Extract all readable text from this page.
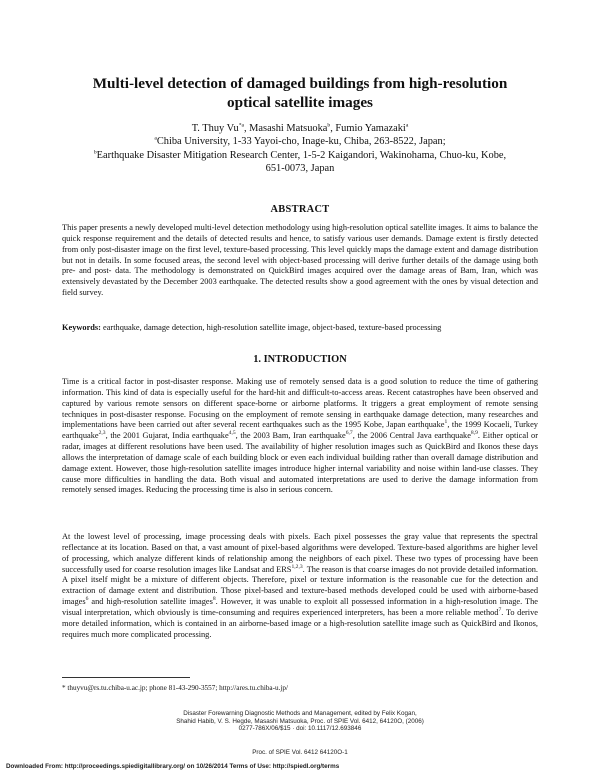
Multi-level detection of damaged buildings from high-resolution
optical satellite images
T. Thuy Vu$^{*a}$, Masashi Matsuoka$^b$, Fumio Yamazaki$^a$
$^a$Chiba University, 1-33 Yayoi-cho, Inage-ku, Chiba, 263-8522, Japan;
$^b$Earthquake Disaster Mitigation Research Center, 1-5-2 Kaigandori, Wakinohama, Chuo-ku, Kobe,
651-0073, Japan
ABSTRACT

This paper presents a newly developed multi-level detection methodology using high-resolution optical satellite images. It aims to balance the quick response requirement and the details of detected results and hence, to satisfy various user demands. Damage extent is firstly detected from only post-disaster image on the first level, texture-based processing. This level quickly maps the damage extent and damage distribution but not in details. In some focused areas, the second level with object-based processing will derive further details of the damage using both pre- and post- data. The methodology is demonstrated on QuickBird images acquired over the damage areas of Bam, Iran, which was extensively devastated by the December 2003 earthquake. The detected results show a good agreement with the ones by visual detection and field survey.

Keywords: earthquake, damage detection, high-resolution satellite image, object-based, texture-based processing
1. INTRODUCTION

Time is a critical factor in post-disaster response. Making use of remotely sensed data is a good solution to reduce the time of gathering information. This kind of data is especially useful for the hard-hit and difficult-to-access areas. Recent catastrophes have been observed and captured by various remote sensors on different space-borne or airborne platforms. It triggers a great employment of remote sensing techniques in post-disaster response. Focusing on the employment of remote sensing in earthquake damage detection, many researches and implementations have been carried out after several recent earthquakes such as the 1995 Kobe, Japan earthquake$^1$, the 1999 Kocaeli, Turkey earthquake$^{2,3}$, the 2001 Gujarat, India earthquake$^{4,5}$, the 2003 Bam, Iran earthquake$^{6,7}$, the 2006 Central Java earthquake$^{8,9}$. Either optical or radar, images at different resolutions have been used. The availability of higher resolution images such as QuickBird and Ikonos these days allows the interpretation of damage scale of each building block or even each individual building rather than overall damage distribution and damage extent. However, those high-resolution satellite images introduce higher internal variability and noise within land-use classes. They cause more difficulties in handling the data. Both visual and automated interpretations are used to derive the damage information from remotely sensed images. Reducing the processing time is also in serious concern.

At the lowest level of processing, image processing deals with pixels. Each pixel possesses the gray value that represents the spectral reflectance at its location. Based on that, a vast amount of pixel-based algorithms were developed. Texture-based algorithms are higher level of processing, which analyze different kinds of relationship among the neighbors of each pixel. These two types of processing have been successfully used for coarse resolution images like Landsat and ERS$^{1,2,3}$. The reason is that coarse images do not provide detailed information. A pixel itself might be a mixture of different objects. Therefore, pixel or texture information is the reasonable cue for the detection and extraction of damage extent and distribution. Those pixel-based and texture-based methods developed could be used with airborne-based images$^6$ and high-resolution satellite images$^8$. However, it was unable to exploit all possessed information in a high-resolution image. The visual interpretation, which obviously is time-consuming and requires experienced interpreters, has been a more reliable method$^7$. To derive more detailed information, which is contained in an airborne-based image or a high-resolution satellite image such as QuickBird and Ikonos, requires much more complicated processing.

* thuyvu@rs.tu.chiba-u.ac.jp; phone 81-43-290-3557; http://ares.tu.chiba-u.jp/
Disaster Forewarning Diagnostic Methods and Management, edited by Felix Kogan,
Shahid Habib, V. S. Hegde, Masashi Matsuoka, Proc. of SPIE Vol. 6412, 64120O, (2006)
0277-786X/06/$15 · doi: 10.1117/12.693846
Proc. of SPIE Vol. 6412 64120O-1
Downloaded From: http://proceedings.spiedigitallibrary.org/ on 10/26/2014 Terms of Use: http://spiedl.org/terms
